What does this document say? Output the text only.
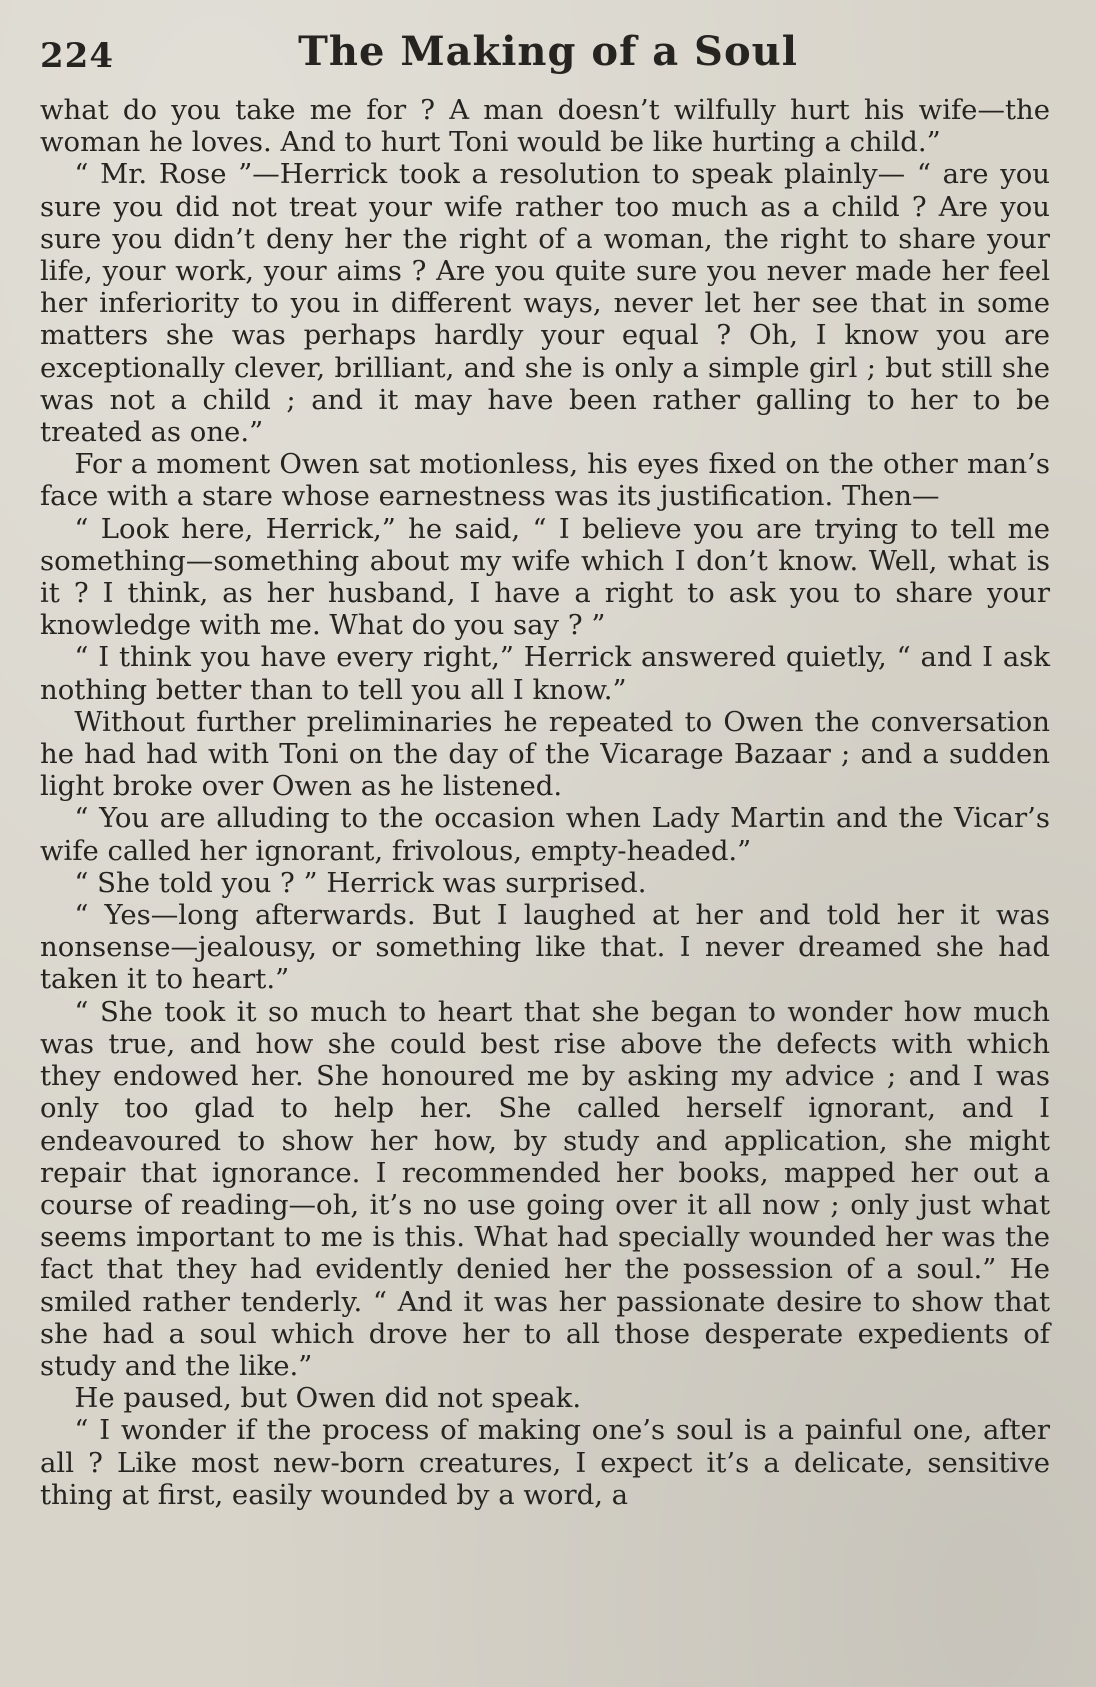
224	The Making of a Soul

what do you take me for ? A man doesn’t wilfully hurt his wife—the woman he loves. And to hurt Toni would be like hurting a child.”

“ Mr. Rose ”—Herrick took a resolution to speak plainly— “ are you sure you did not treat your wife rather too much as a child ? Are you sure you didn’t deny her the right of a woman, the right to share your life, your work, your aims ? Are you quite sure you never made her feel her inferiority to you in different ways, never let her see that in some matters she was perhaps hardly your equal ? Oh, I know you are exceptionally clever, brilliant, and she is only a simple girl ; but still she was not a child ; and it may have been rather galling to her to be treated as one.”

For a moment Owen sat motionless, his eyes fixed on the other man’s face with a stare whose earnestness was its justification. Then—

“ Look here, Herrick,” he said, “ I believe you are trying to tell me something—something about my wife which I don’t know. Well, what is it ? I think, as her husband, I have a right to ask you to share your knowledge with me. What do you say ? ”

“ I think you have every right,” Herrick answered quietly, “ and I ask nothing better than to tell you all I know.”

Without further preliminaries he repeated to Owen the conversation he had had with Toni on the day of the Vicarage Bazaar ; and a sudden light broke over Owen as he listened.

“ You are alluding to the occasion when Lady Martin and the Vicar’s wife called her ignorant, frivolous, empty-headed.”

“ She told you ? ” Herrick was surprised.

“ Yes—long afterwards. But I laughed at her and told her it was nonsense—jealousy, or something like that. I never dreamed she had taken it to heart.”

“ She took it so much to heart that she began to wonder how much was true, and how she could best rise above the defects with which they endowed her. She honoured me by asking my advice ; and I was only too glad to help her. She called herself ignorant, and I endeavoured to show her how, by study and application, she might repair that ignorance. I recommended her books, mapped her out a course of reading—oh, it’s no use going over it all now ; only just what seems important to me is this. What had specially wounded her was the fact that they had evidently denied her the possession of a soul.” He smiled rather tenderly. “ And it was her passionate desire to show that she had a soul which drove her to all those desperate expedients of study and the like.”

He paused, but Owen did not speak.

“ I wonder if the process of making one’s soul is a painful one, after all ? Like most new-born creatures, I expect it’s a delicate, sensitive thing at first, easily wounded by a word, a
